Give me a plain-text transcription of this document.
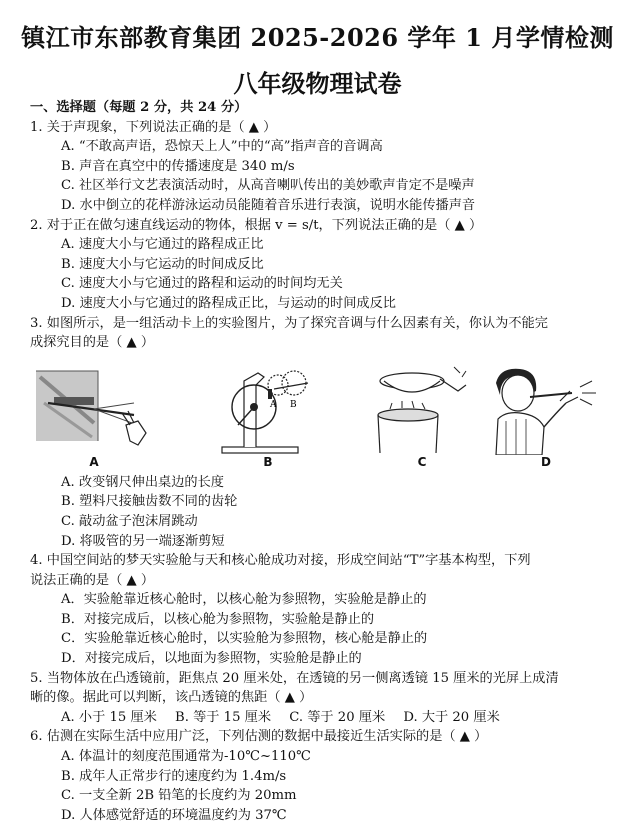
镇江市东部教育集团 2025-2026 学年 1 月学情检测
八年级物理试卷
一、选择题（每题 2 分，共 24 分）
1. 关于声现象，下列说法正确的是（ ▲ ）
A. “不敢高声语，恐惊天上人”中的“高”指声音的音调高
B. 声音在真空中的传播速度是 340 m/s
C. 社区举行文艺表演活动时，从高音喇叭传出的美妙歌声肯定不是噪声
D. 水中倒立的花样游泳运动员能随着音乐进行表演，说明水能传播声音
2. 对于正在做匀速直线运动的物体，根据 v = s/t，下列说法正确的是（ ▲ ）
A. 速度大小与它通过的路程成正比
B. 速度大小与它运动的时间成反比
C. 速度大小与它通过的路程和运动的时间均无关
D. 速度大小与它通过的路程成正比，与运动的时间成反比
3. 如图所示，是一组活动卡上的实验图片，为了探究音调与什么因素有关，你认为不能完
成探究目的是（ ▲ ）
A
A B
B	C	D
A. 改变钢尺伸出桌边的长度
B. 塑料尺接触齿数不同的齿轮
C. 敲动盆子泡沫屑跳动
D. 将吸管的另一端逐渐剪短
4. 中国空间站的梦天实验舱与天和核心舱成功对接，形成空间站“T”字基本构型，下列
说法正确的是（ ▲ ）
A．实验舱靠近核心舱时，以核心舱为参照物，实验舱是静止的
B．对接完成后，以核心舱为参照物，实验舱是静止的
C．实验舱靠近核心舱时，以实验舱为参照物，核心舱是静止的
D．对接完成后，以地面为参照物，实验舱是静止的
5. 当物体放在凸透镜前，距焦点 20 厘米处，在透镜的另一侧离透镜 15 厘米的光屏上成清
晰的像。据此可以判断，该凸透镜的焦距（ ▲ ）
A. 小于 15 厘米 B. 等于 15 厘米 C. 等于 20 厘米 D. 大于 20 厘米
6. 估测在实际生活中应用广泛，下列估测的数据中最接近生活实际的是（ ▲ ）
A. 体温计的刻度范围通常为-10℃~110℃
B. 成年人正常步行的速度约为 1.4m/s
C. 一支全新 2B 铅笔的长度约为 20mm
D. 人体感觉舒适的环境温度约为 37℃
